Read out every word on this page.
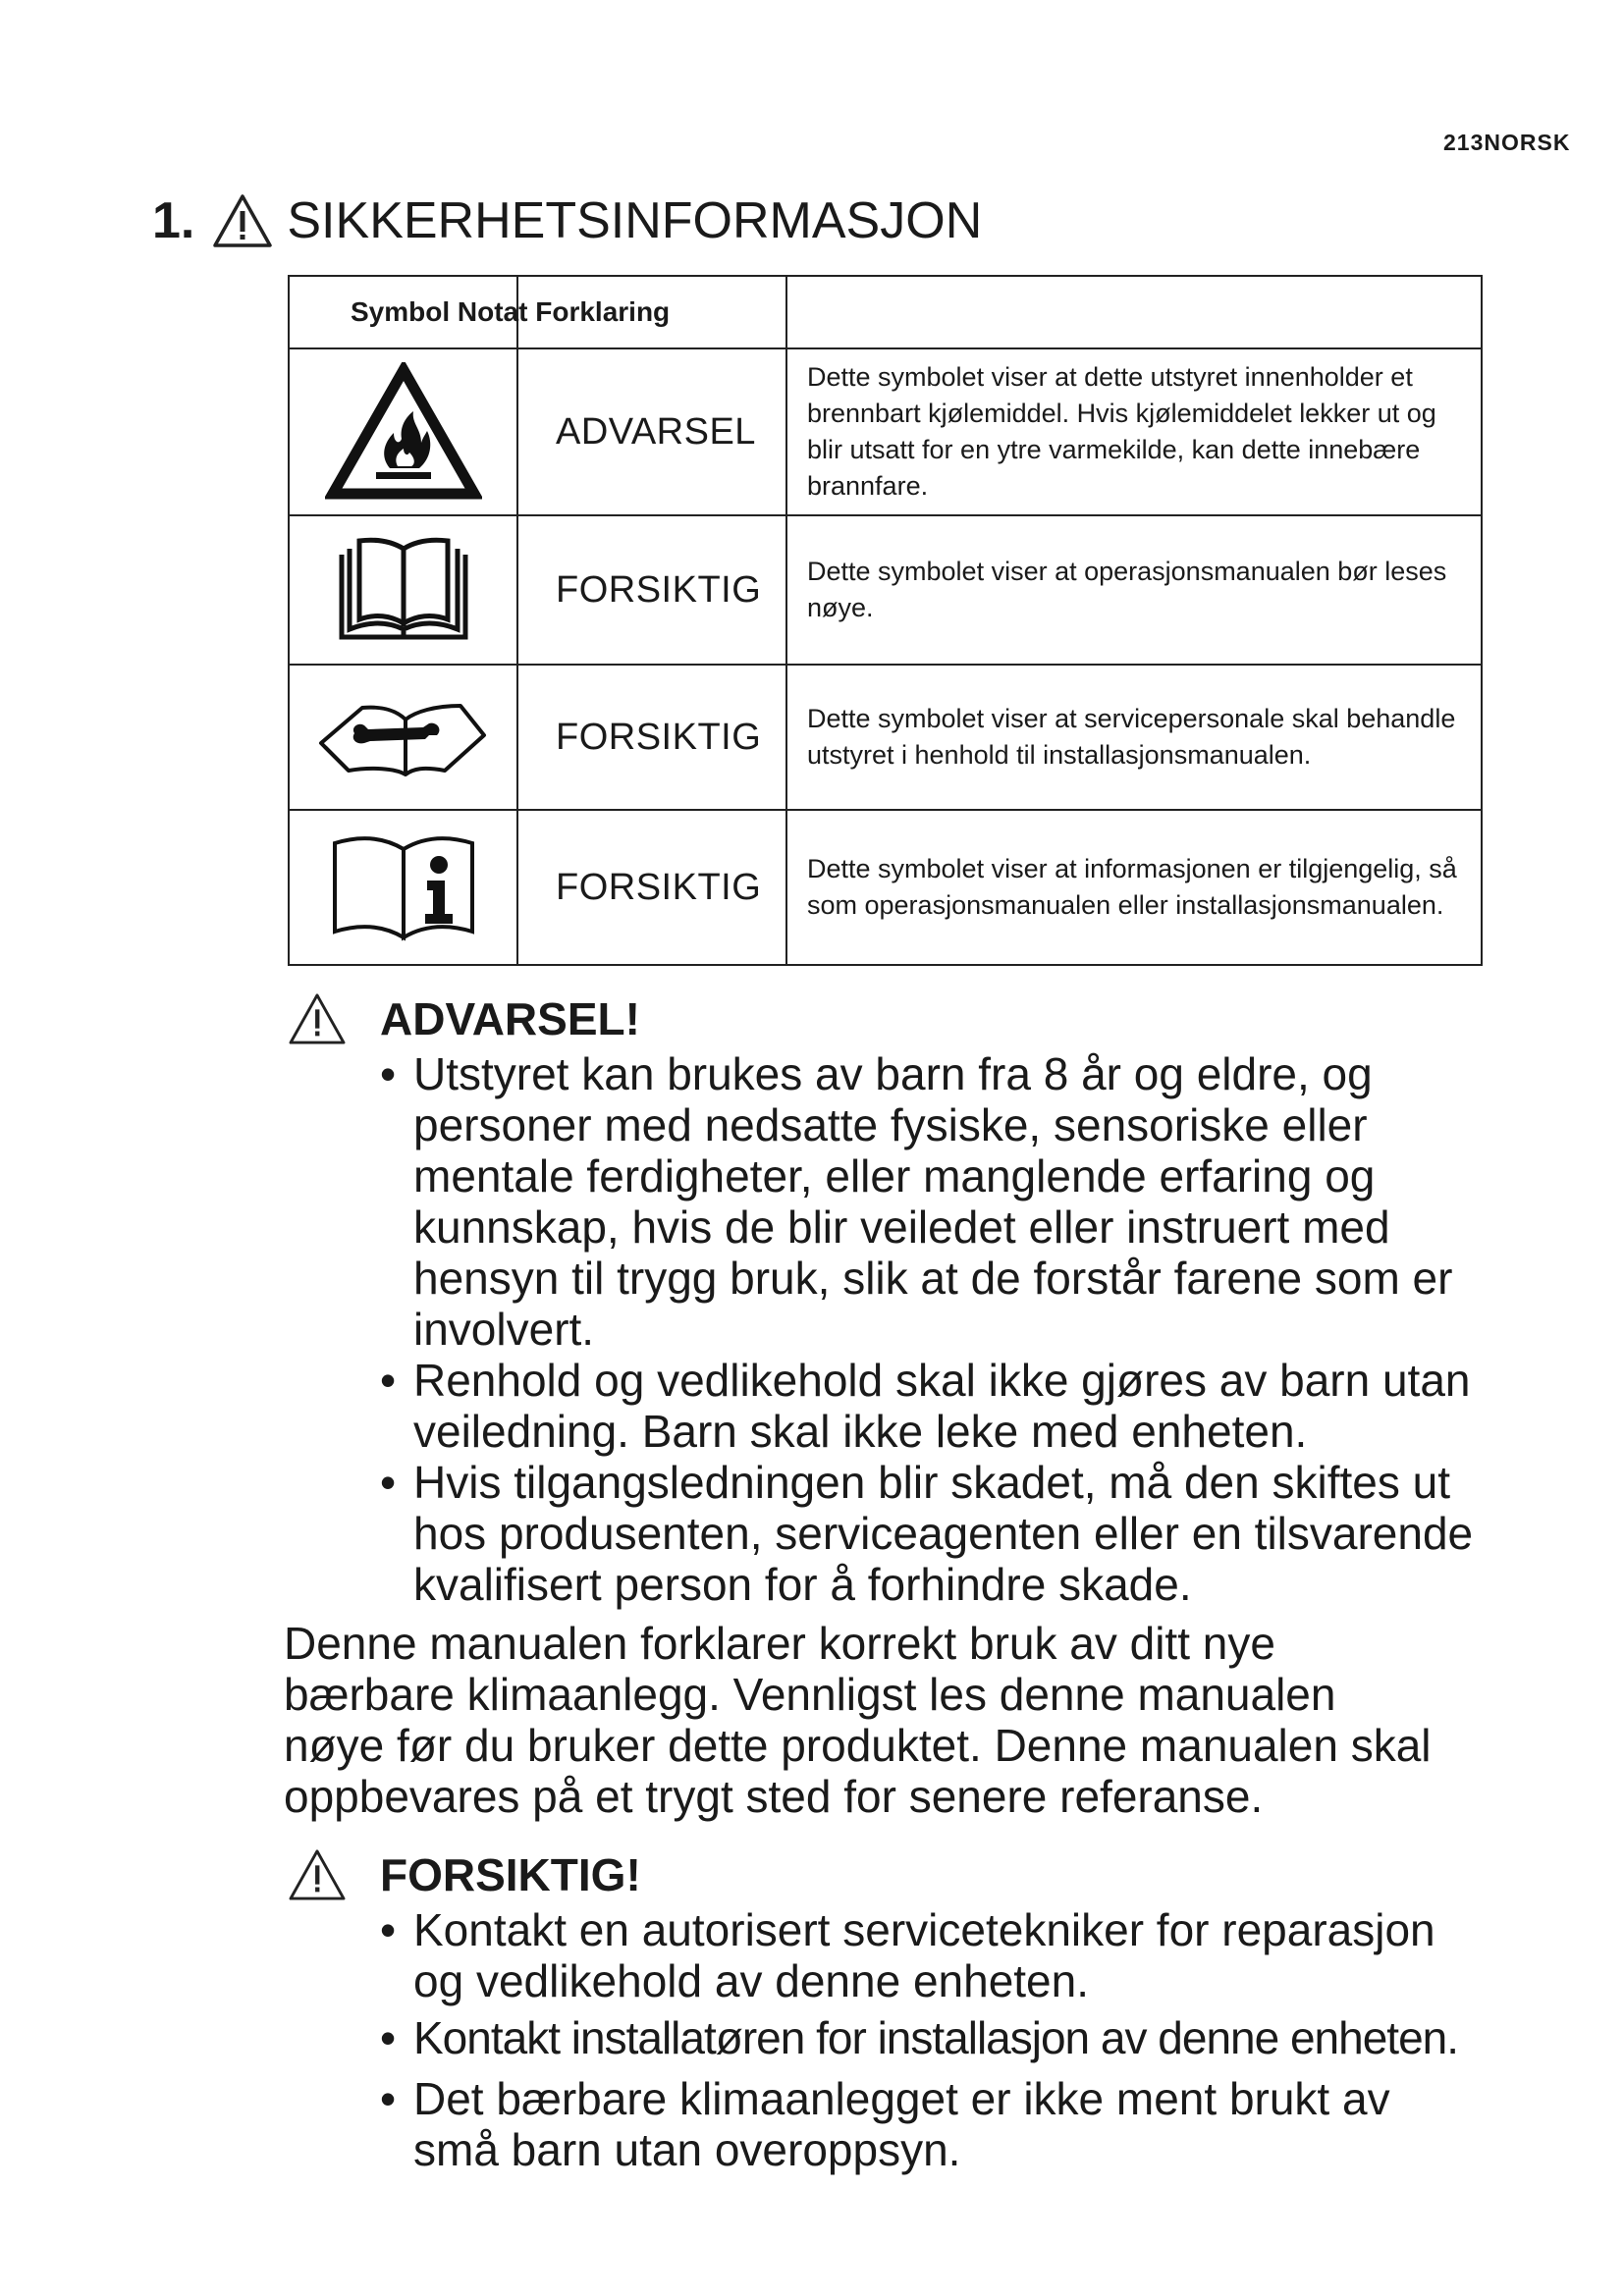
213NORSK
1. SIKKERHETSINFORMASJON
Symbol Notat Forklaring		

	ADVARSEL	Dette symbolet viser at dette utstyret innenholder et brennbart kjølemiddel. Hvis kjølemiddelet lekker ut og blir utsatt for en ytre varmekilde, kan dette innebære brannfare.

	FORSIKTIG	Dette symbolet viser at operasjonsmanualen bør leses nøye.

	FORSIKTIG	Dette symbolet viser at servicepersonale skal behandle utstyret i henhold til installasjonsmanualen.

	FORSIKTIG	Dette symbolet viser at informasjonen er tilgjengelig, så som operasjonsmanualen eller installasjonsmanualen.
ADVARSEL!
• Utstyret kan brukes av barn fra 8 år og eldre, og personer med nedsatte fysiske, sensoriske eller mentale ferdigheter, eller manglende erfaring og kunnskap, hvis de blir veiledet eller instruert med hensyn til trygg bruk, slik at de forstår farene som er involvert.
• Renhold og vedlikehold skal ikke gjøres av barn utan veiledning. Barn skal ikke leke med enheten.
• Hvis tilgangsledningen blir skadet, må den skiftes ut hos produsenten, serviceagenten eller en tilsvarende kvalifisert person for å forhindre skade.
Denne manualen forklarer korrekt bruk av ditt nye bærbare klimaanlegg. Vennligst les denne manualen nøye før du bruker dette produktet. Denne manualen skal oppbevares på et trygt sted for senere referanse.
FORSIKTIG!
• Kontakt en autorisert servicetekniker for reparasjon og vedlikehold av denne enheten.
• Kontakt installatøren for installasjon av denne enheten.
• Det bærbare klimaanlegget er ikke ment brukt av små barn utan overoppsyn.
